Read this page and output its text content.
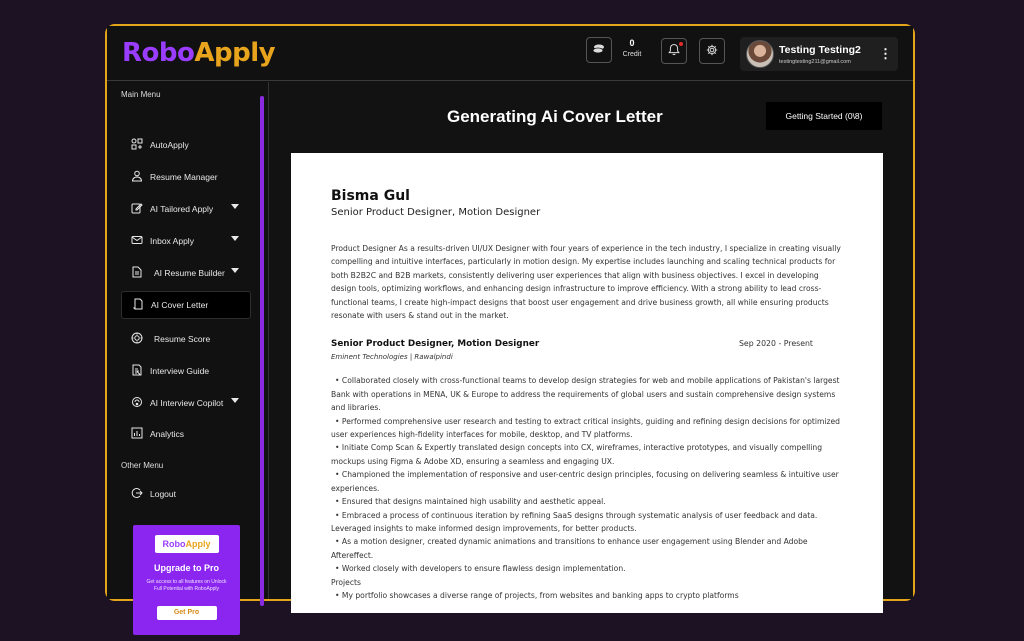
RoboApply	0
Credit	Testing Testing2
testingtesting211@gmail.com
⋮
Main Menu
AutoApply
Resume Manager
AI Tailored Apply
Inbox Apply
AI Resume Builder
AI Cover Letter
Resume Score
Interview Guide
AI Interview Copilot
Analytics
Other Menu
Logout
RoboApply
Upgrade to Pro
Get access to all features on Unlock Full Potential with RoboApply
Get Pro
Generating Ai Cover Letter	Getting Started (0\8)
Bisma Gul
Senior Product Designer, Motion Designer
Product Designer As a results-driven UI/UX Designer with four years of experience in the tech industry, I specialize in creating visually compelling and intuitive interfaces, particularly in motion design. My expertise includes launching and scaling technical products for both B2B2C and B2B markets, consistently delivering user experiences that align with business objectives. I excel in developing design tools, optimizing workflows, and enhancing design infrastructure to improve efficiency. With a strong ability to lead cross-functional teams, I create high-impact designs that boost user engagement and drive business growth, all while ensuring products resonate with users & stand out in the market.
Senior Product Designer, Motion Designer	Sep 2020 - Present
Eminent Technologies | Rawalpindi
• Collaborated closely with cross-functional teams to develop design strategies for web and mobile applications of Pakistan's largest Bank with operations in MENA, UK & Europe to address the requirements of global users and sustain comprehensive design systems and libraries.
• Performed comprehensive user research and testing to extract critical insights, guiding and refining design decisions for optimized user experiences high-fidelity interfaces for mobile, desktop, and TV platforms.
• Initiate Comp Scan & Expertly translated design concepts into CX, wireframes, interactive prototypes, and visually compelling mockups using Figma & Adobe XD, ensuring a seamless and engaging UX.
• Championed the implementation of responsive and user-centric design principles, focusing on delivering seamless & intuitive user experiences.
• Ensured that designs maintained high usability and aesthetic appeal.
• Embraced a process of continuous iteration by refining SaaS designs through systematic analysis of user feedback and data. Leveraged insights to make informed design improvements, for better products.
• As a motion designer, created dynamic animations and transitions to enhance user engagement using Blender and Adobe Aftereffect.
• Worked closely with developers to ensure flawless design implementation.
Projects
• My portfolio showcases a diverse range of projects, from websites and banking apps to crypto platforms
